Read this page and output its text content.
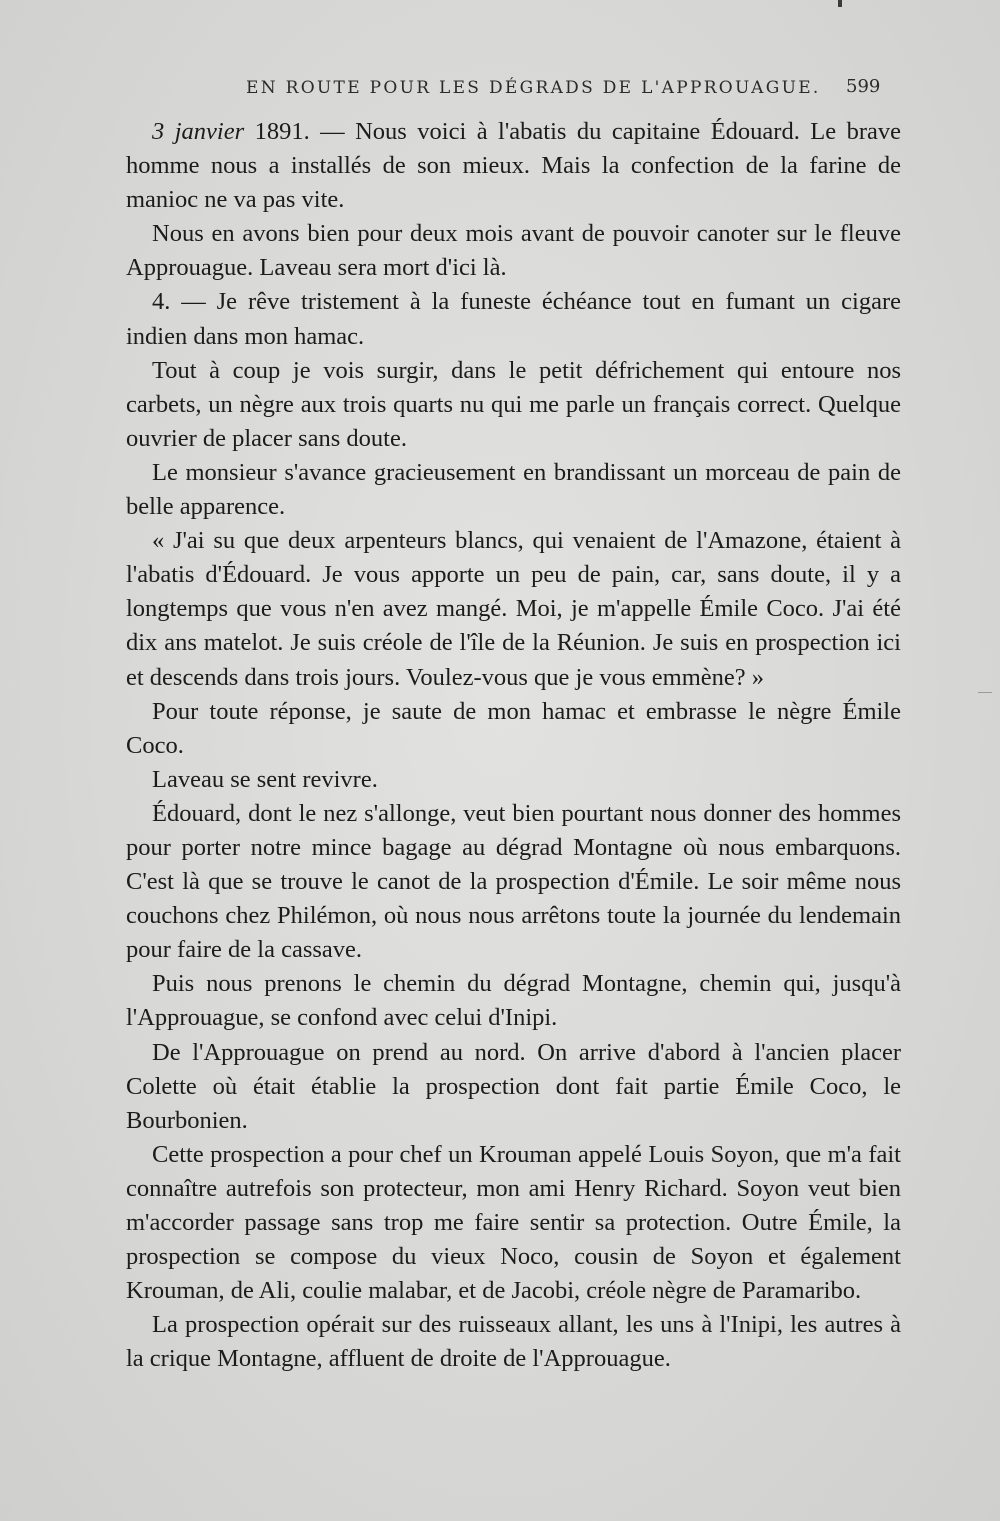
EN ROUTE POUR LES DÉGRADS DE L'APPROUAGUE. 599

3 janvier 1891. — Nous voici à l'abatis du capitaine Édouard. Le brave homme nous a installés de son mieux. Mais la confection de la farine de manioc ne va pas vite.

Nous en avons bien pour deux mois avant de pouvoir canoter sur le fleuve Approuague. Laveau sera mort d'ici là.

4. — Je rêve tristement à la funeste échéance tout en fumant un cigare indien dans mon hamac.

Tout à coup je vois surgir, dans le petit défrichement qui entoure nos carbets, un nègre aux trois quarts nu qui me parle un français correct. Quelque ouvrier de placer sans doute.

Le monsieur s'avance gracieusement en brandissant un morceau de pain de belle apparence.

« J'ai su que deux arpenteurs blancs, qui venaient de l'Amazone, étaient à l'abatis d'Édouard. Je vous apporte un peu de pain, car, sans doute, il y a longtemps que vous n'en avez mangé. Moi, je m'appelle Émile Coco. J'ai été dix ans matelot. Je suis créole de l'île de la Réunion. Je suis en prospection ici et descends dans trois jours. Voulez-vous que je vous emmène? »

Pour toute réponse, je saute de mon hamac et embrasse le nègre Émile Coco.

Laveau se sent revivre.

Édouard, dont le nez s'allonge, veut bien pourtant nous donner des hommes pour porter notre mince bagage au dégrad Montagne où nous embarquons. C'est là que se trouve le canot de la prospection d'Émile. Le soir même nous couchons chez Philémon, où nous nous arrêtons toute la journée du lendemain pour faire de la cassave.

Puis nous prenons le chemin du dégrad Montagne, chemin qui, jusqu'à l'Approuague, se confond avec celui d'Inipi.

De l'Approuague on prend au nord. On arrive d'abord à l'ancien placer Colette où était établie la prospection dont fait partie Émile Coco, le Bourbonien.

Cette prospection a pour chef un Krouman appelé Louis Soyon, que m'a fait connaître autrefois son protecteur, mon ami Henry Richard. Soyon veut bien m'accorder passage sans trop me faire sentir sa protection. Outre Émile, la prospection se compose du vieux Noco, cousin de Soyon et également Krouman, de Ali, coulie malabar, et de Jacobi, créole nègre de Paramaribo.

La prospection opérait sur des ruisseaux allant, les uns à l'Inipi, les autres à la crique Montagne, affluent de droite de l'Approuague.
